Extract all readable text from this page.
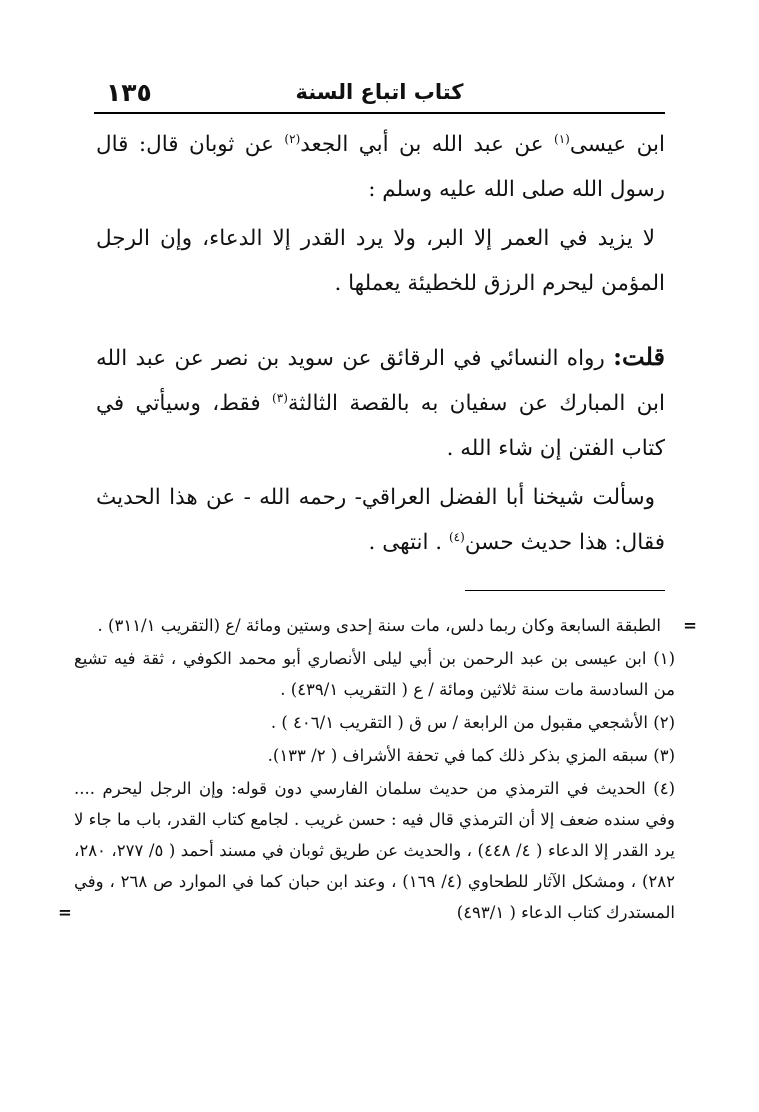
كتاب اتباع السنة
١٣٥

ابن عيسى$^{(١)}$ عن عبد الله بن أبي الجعد$^{(٢)}$ عن ثوبان قال: قال رسول الله صلى الله عليه وسلم :

لا يزيد في العمر إلا البر، ولا يرد القدر إلا الدعاء، وإن الرجل المؤمن ليحرم الرزق للخطيئة يعملها .

قلت: رواه النسائي في الرقائق عن سويد بن نصر عن عبد الله ابن المبارك عن سفيان به بالقصة الثالثة$^{(٣)}$ فقط، وسيأتي في كتاب الفتن إن شاء الله .

وسألت شيخنا أبا الفضل العراقي- رحمه الله - عن هذا الحديث فقال: هذا حديث حسن$^{(٤)}$ . انتهى .

=
الطبقة السابعة وكان ربما دلس، مات سنة إحدى وستين ومائة /ع (التقريب ٣١١/١) .

(١) ابن عيسى بن عبد الرحمن بن أبي ليلى الأنصاري أبو محمد الكوفي ، ثقة فيه تشيع من السادسة مات سنة ثلاثين ومائة / ع ( التقريب ٤٣٩/١) .

(٢) الأشجعي مقبول من الرابعة / س ق ( التقريب ٤٠٦/١ ) .

(٣) سبقه المزي بذكر ذلك كما في تحفة الأشراف ( ٢/ ١٣٣).

(٤) الحديث في الترمذي من حديث سلمان الفارسي دون قوله: وإن الرجل ليحرم .... وفي سنده ضعف إلا أن الترمذي قال فيه : حسن غريب . لجامع كتاب القدر، باب ما جاء لا يرد القدر إلا الدعاء ( ٤/ ٤٤٨) ، والحديث عن طريق ثوبان في مسند أحمد ( ٥/ ٢٧٧، ٢٨٠، ٢٨٢) ، ومشكل الآثار للطحاوي (٤/ ١٦٩) ، وعند ابن حبان كما في الموارد ص ٢٦٨ ، وفي المستدرك كتاب الدعاء ( ٤٩٣/١)
=
